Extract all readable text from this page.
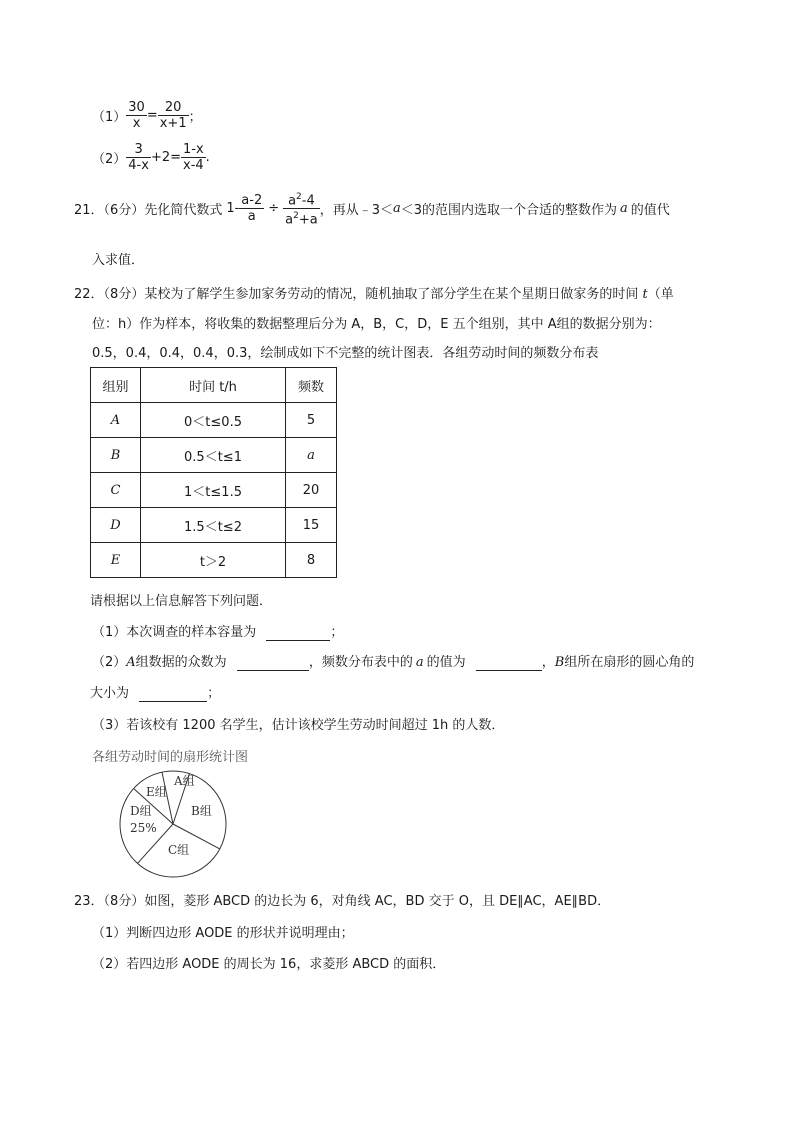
$(1) \frac{30}{x} = \frac{20}{x+1}$ ；
$(2) \frac{3}{4-x} +2= \frac{1-x}{x-4}$ .
21．（6分）先化简代数式 $1- \frac{a-2}{a} \div \frac{a^2-4}{a^2+a}$ ，再从﹣3＜ a ＜3的范围内选取一个合适的整数作为 a 的值代
入求值．
22．（8分）某校为了解学生参加家务劳动的情况，随机抽取了部分学生在某个星期日做家务的时间 t（单
位：h）作为样本，将收集的数据整理后分为 A，B，C，D，E 五个组别，其中 A组的数据分别为：
0.5，0.4，0.4，0.4，0.3，绘制成如下不完整的统计图表．各组劳动时间的频数分布表
组别	时间 t/h	频数
A	0＜t≤0.5	5
B	0.5＜t≤1	a
C	1＜t≤1.5	20
D	1.5＜t≤2	15
E	t＞2	8
请根据以上信息解答下列问题．
（1）本次调查的样本容量为	；
（2）A组数据的众数为	，频数分布表中的 a 的值为	，B组所在扇形的圆心角的
大小为	；
（3）若该校有 1200 名学生，估计该校学生劳动时间超过 1h 的人数．
各组劳动时间的扇形统计图
A组
B组
C组
D组
25%
E组
23．（8分）如图，菱形 ABCD 的边长为 6，对角线 AC，BD 交于 O，且 DE∥AC，AE∥BD．
（1）判断四边形 AODE 的形状并说明理由；
（2）若四边形 AODE 的周长为 16，求菱形 ABCD 的面积．
